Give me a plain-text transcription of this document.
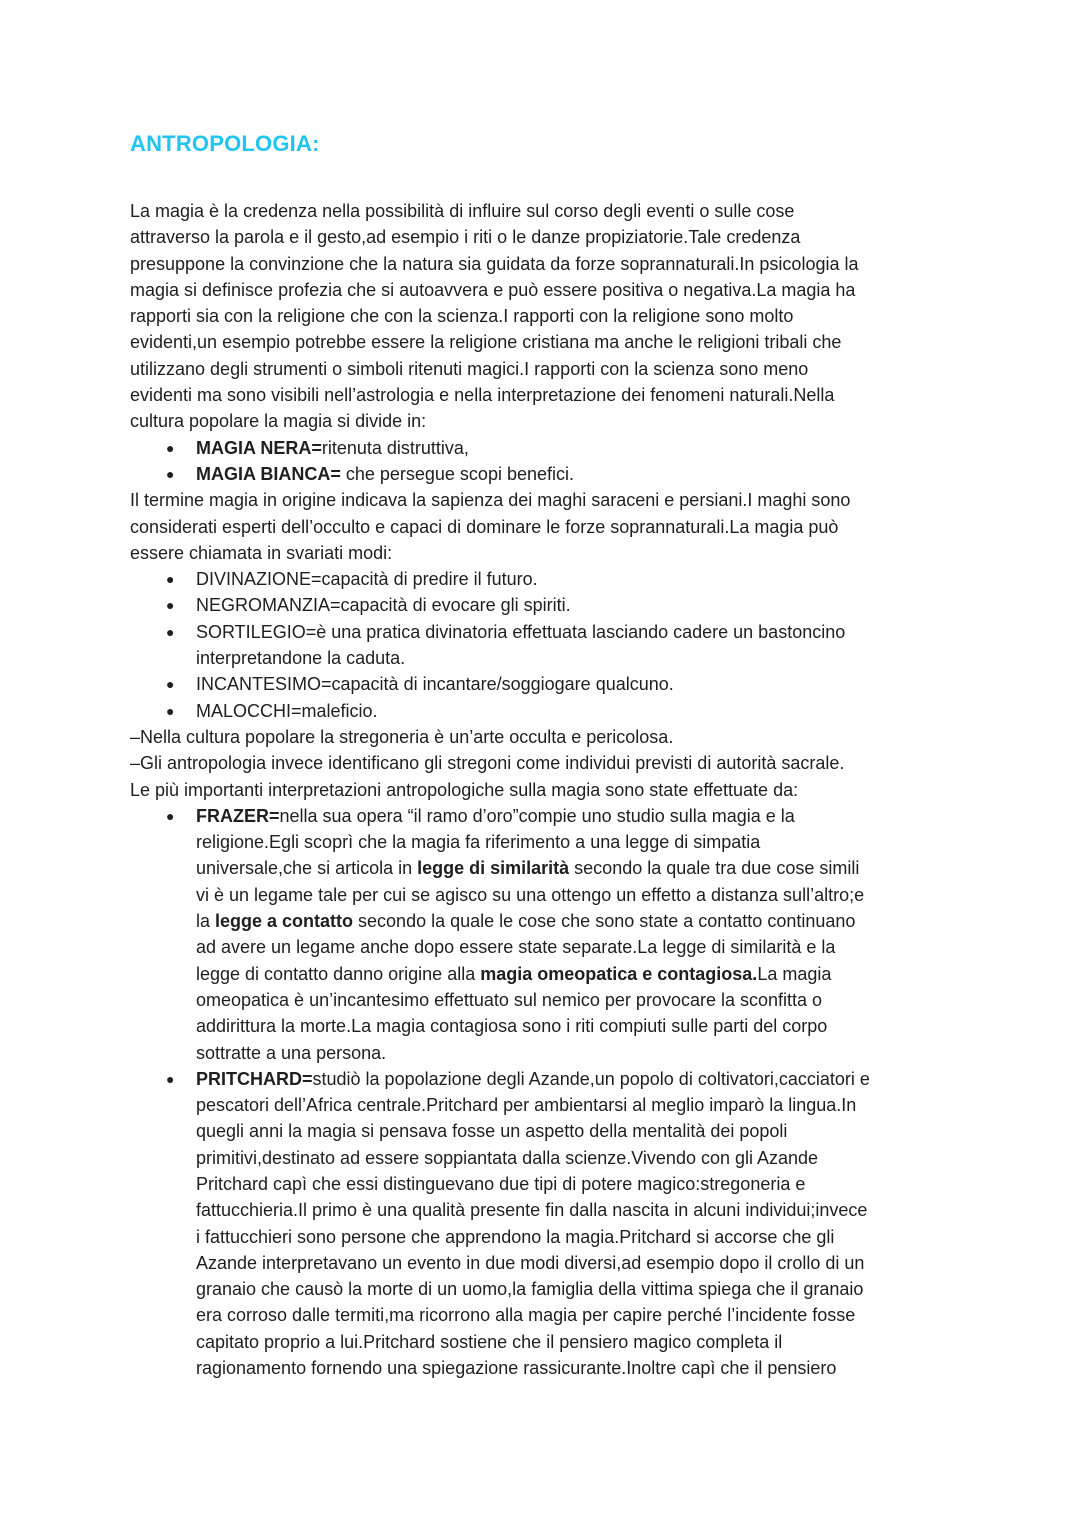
ANTROPOLOGIA:
La magia è la credenza nella possibilità di influire sul corso degli eventi o sulle cose
attraverso la parola e il gesto,ad esempio i riti o le danze propiziatorie.Tale credenza
presuppone la convinzione che la natura sia guidata da forze soprannaturali.In psicologia la
magia si definisce profezia che si autoavvera e può essere positiva o negativa.La magia ha
rapporti sia con la religione che con la scienza.I rapporti con la religione sono molto
evidenti,un esempio potrebbe essere la religione cristiana ma anche le religioni tribali che
utilizzano degli strumenti o simboli ritenuti magici.I rapporti con la scienza sono meno
evidenti ma sono visibili nell’astrologia e nella interpretazione dei fenomeni naturali.Nella
cultura popolare la magia si divide in:
● MAGIA NERA=ritenuta distruttiva,
● MAGIA BIANCA= che persegue scopi benefici.
Il termine magia in origine indicava la sapienza dei maghi saraceni e persiani.I maghi sono
considerati esperti dell’occulto e capaci di dominare le forze soprannaturali.La magia può
essere chiamata in svariati modi:
● DIVINAZIONE=capacità di predire il futuro.
● NEGROMANZIA=capacità di evocare gli spiriti.
● SORTILEGIO=è una pratica divinatoria effettuata lasciando cadere un bastoncino
interpretandone la caduta.
● INCANTESIMO=capacità di incantare/soggiogare qualcuno.
● MALOCCHI=maleficio.
–Nella cultura popolare la stregoneria è un’arte occulta e pericolosa.
–Gli antropologia invece identificano gli stregoni come individui previsti di autorità sacrale.
Le più importanti interpretazioni antropologiche sulla magia sono state effettuate da:
● FRAZER=nella sua opera “il ramo d’oro”compie uno studio sulla magia e la
religione.Egli scoprì che la magia fa riferimento a una legge di simpatia
universale,che si articola in legge di similarità secondo la quale tra due cose simili
vi è un legame tale per cui se agisco su una ottengo un effetto a distanza sull’altro;e
la legge a contatto secondo la quale le cose che sono state a contatto continuano
ad avere un legame anche dopo essere state separate.La legge di similarità e la
legge di contatto danno origine alla magia omeopatica e contagiosa.La magia
omeopatica è un’incantesimo effettuato sul nemico per provocare la sconfitta o
addirittura la morte.La magia contagiosa sono i riti compiuti sulle parti del corpo
sottratte a una persona.
● PRITCHARD=studiò la popolazione degli Azande,un popolo di coltivatori,cacciatori e
pescatori dell’Africa centrale.Pritchard per ambientarsi al meglio imparò la lingua.In
quegli anni la magia si pensava fosse un aspetto della mentalità dei popoli
primitivi,destinato ad essere soppiantata dalla scienze.Vivendo con gli Azande
Pritchard capì che essi distinguevano due tipi di potere magico:stregoneria e
fattucchieria.Il primo è una qualità presente fin dalla nascita in alcuni individui;invece
i fattucchieri sono persone che apprendono la magia.Pritchard si accorse che gli
Azande interpretavano un evento in due modi diversi,ad esempio dopo il crollo di un
granaio che causò la morte di un uomo,la famiglia della vittima spiega che il granaio
era corroso dalle termiti,ma ricorrono alla magia per capire perché l’incidente fosse
capitato proprio a lui.Pritchard sostiene che il pensiero magico completa il
ragionamento fornendo una spiegazione rassicurante.Inoltre capì che il pensiero
